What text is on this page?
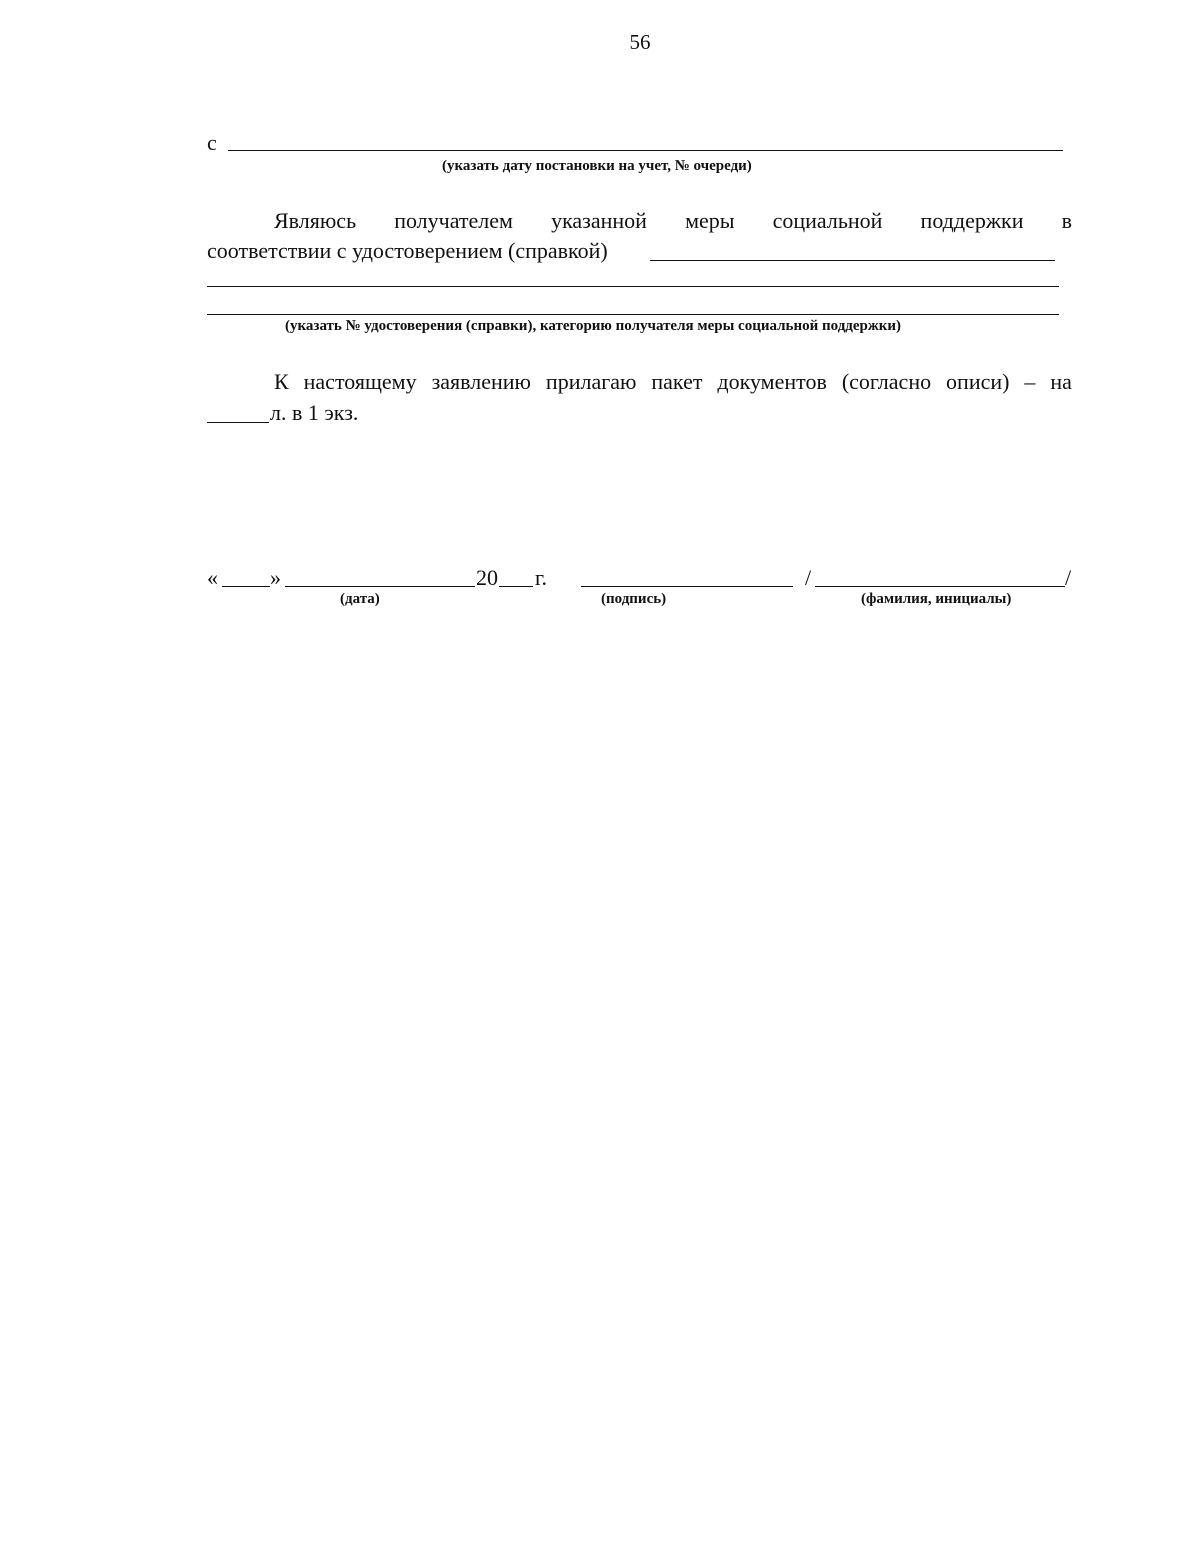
56
с
(указать дату постановки на учет, № очереди)
Являюсь получателем указанной меры социальной поддержки в
соответствии с удостоверением (справкой)
(указать № удостоверения (справки), категорию получателя меры социальной поддержки)
К настоящему заявлению прилагаю пакет документов (согласно описи) – на
л. в 1 экз.
« »	20 г.	/	/
(дата)	(подпись)	(фамилия, инициалы)
